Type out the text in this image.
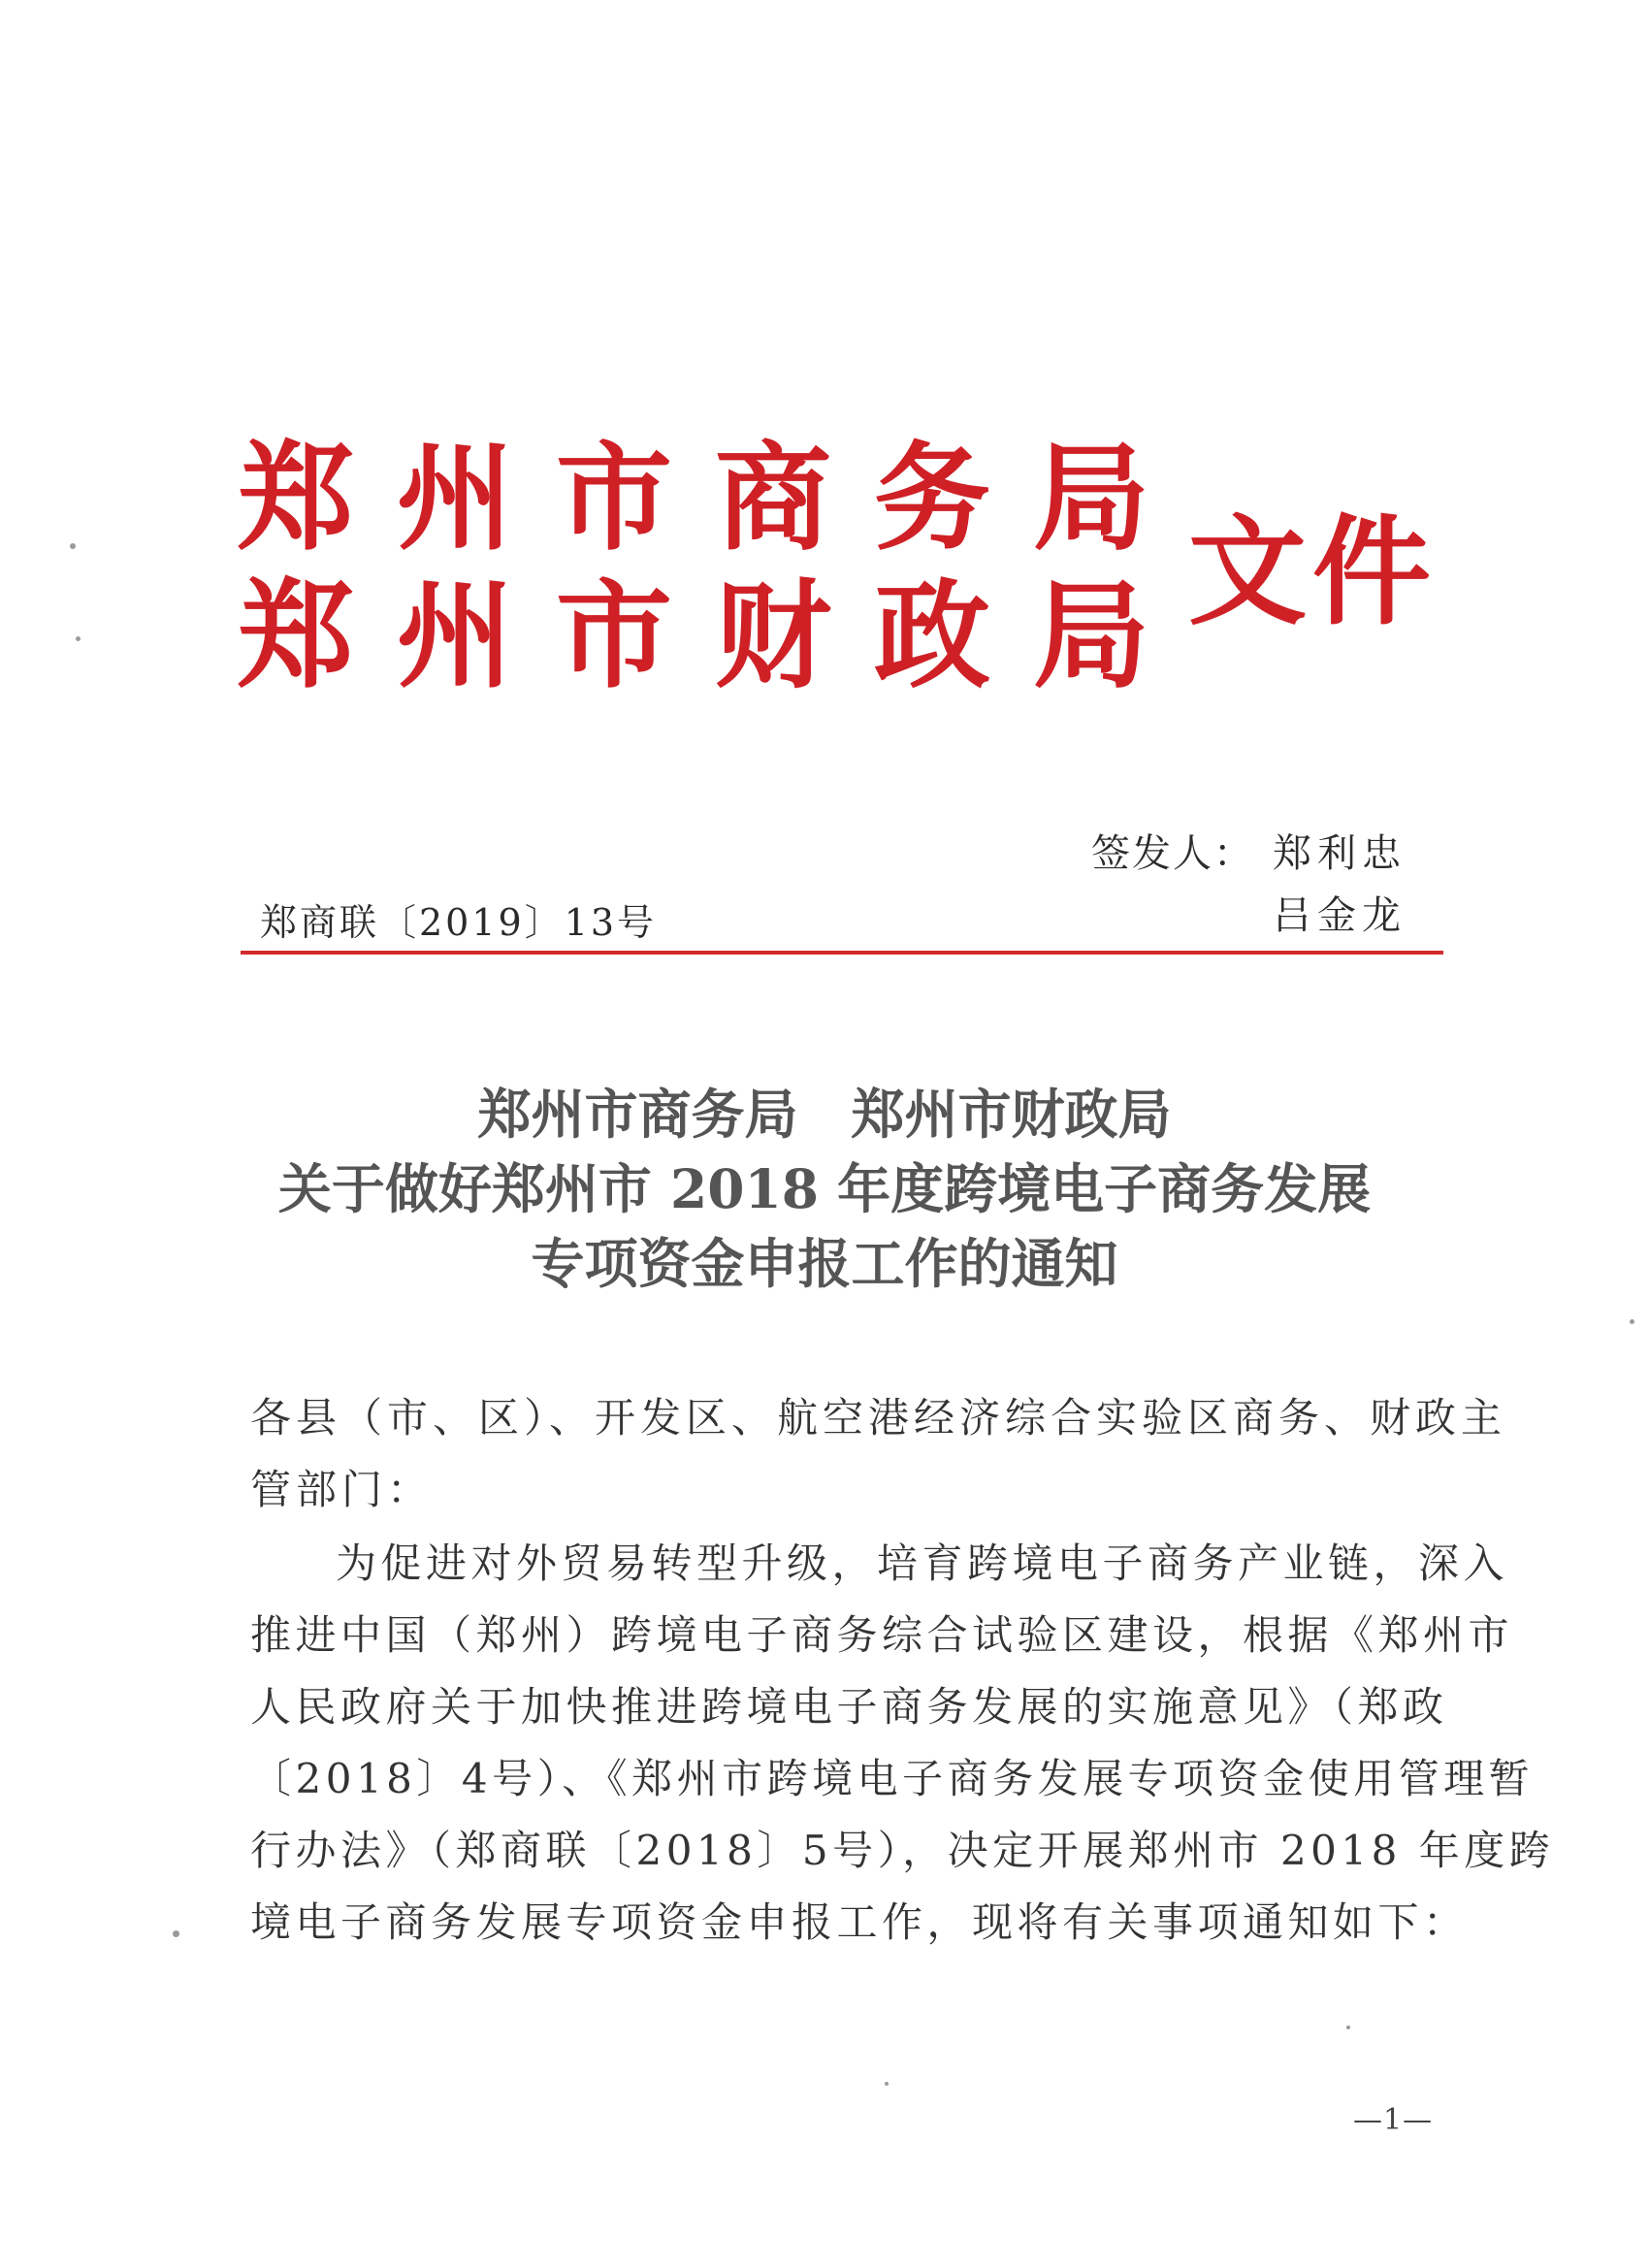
郑 州 市 商 务 局
郑 州 市 财 政 局 文件
签发人： 郑利忠
吕金龙
郑商联〔2019〕13号
郑州市商务局　郑州市财政局
关于做好郑州市 2018 年度跨境电子商务发展
专项资金申报工作的通知
各县（市、区）、开发区、航空港经济综合实验区商务、财政主
管部门：
为促进对外贸易转型升级，培育跨境电子商务产业链，深入
推进中国（郑州）跨境电子商务综合试验区建设，根据《郑州市
人民政府关于加快推进跨境电子商务发展的实施意见》（郑政
〔2018〕4号）、《郑州市跨境电子商务发展专项资金使用管理暂
行办法》（郑商联〔2018〕5号），决定开展郑州市 2018 年度跨
境电子商务发展专项资金申报工作，现将有关事项通知如下：
—1—
